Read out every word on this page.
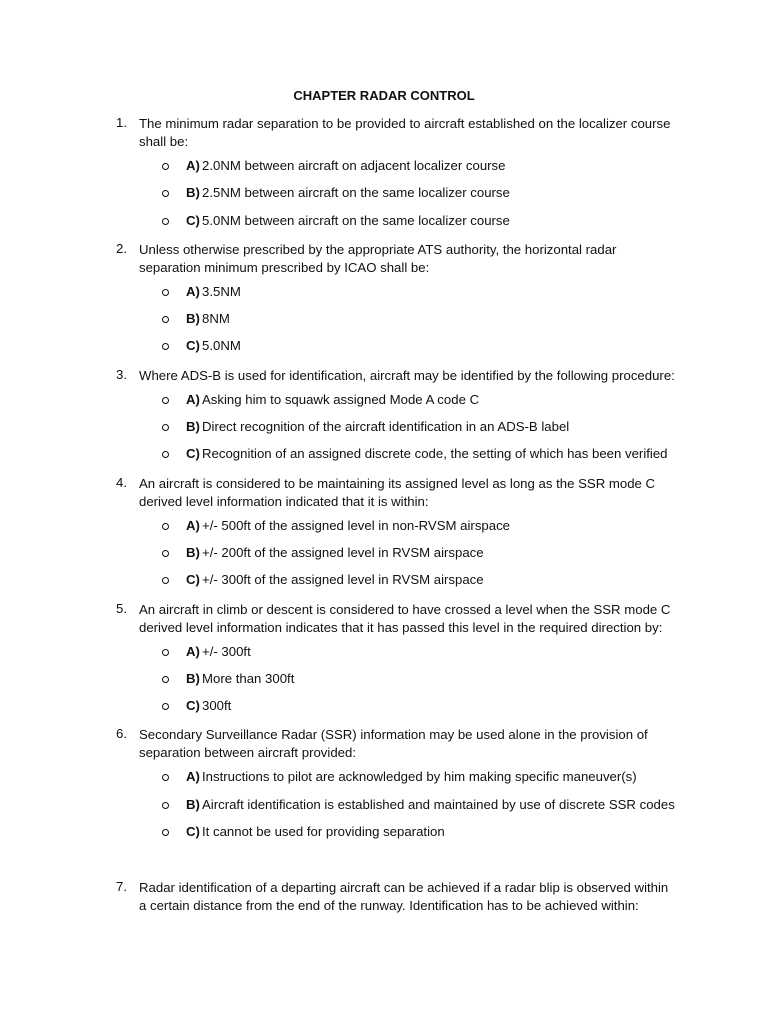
CHAPTER RADAR CONTROL
1. The minimum radar separation to be provided to aircraft established on the localizer course shall be:
A) 2.0NM between aircraft on adjacent localizer course
B) 2.5NM between aircraft on the same localizer course
C) 5.0NM between aircraft on the same localizer course
2. Unless otherwise prescribed by the appropriate ATS authority, the horizontal radar separation minimum prescribed by ICAO shall be:
A) 3.5NM
B) 8NM
C) 5.0NM
3. Where ADS-B is used for identification, aircraft may be identified by the following procedure:
A) Asking him to squawk assigned Mode A code C
B) Direct recognition of the aircraft identification in an ADS-B label
C) Recognition of an assigned discrete code, the setting of which has been verified
4. An aircraft is considered to be maintaining its assigned level as long as the SSR mode C derived level information indicated that it is within:
A) +/- 500ft of the assigned level in non-RVSM airspace
B) +/- 200ft of the assigned level in RVSM airspace
C) +/- 300ft of the assigned level in RVSM airspace
5. An aircraft in climb or descent is considered to have crossed a level when the SSR mode C derived level information indicates that it has passed this level in the required direction by:
A) +/- 300ft
B) More than 300ft
C) 300ft
6. Secondary Surveillance Radar (SSR) information may be used alone in the provision of separation between aircraft provided:
A) Instructions to pilot are acknowledged by him making specific maneuver(s)
B) Aircraft identification is established and maintained by use of discrete SSR codes
C) It cannot be used for providing separation
7. Radar identification of a departing aircraft can be achieved if a radar blip is observed within a certain distance from the end of the runway. Identification has to be achieved within:
